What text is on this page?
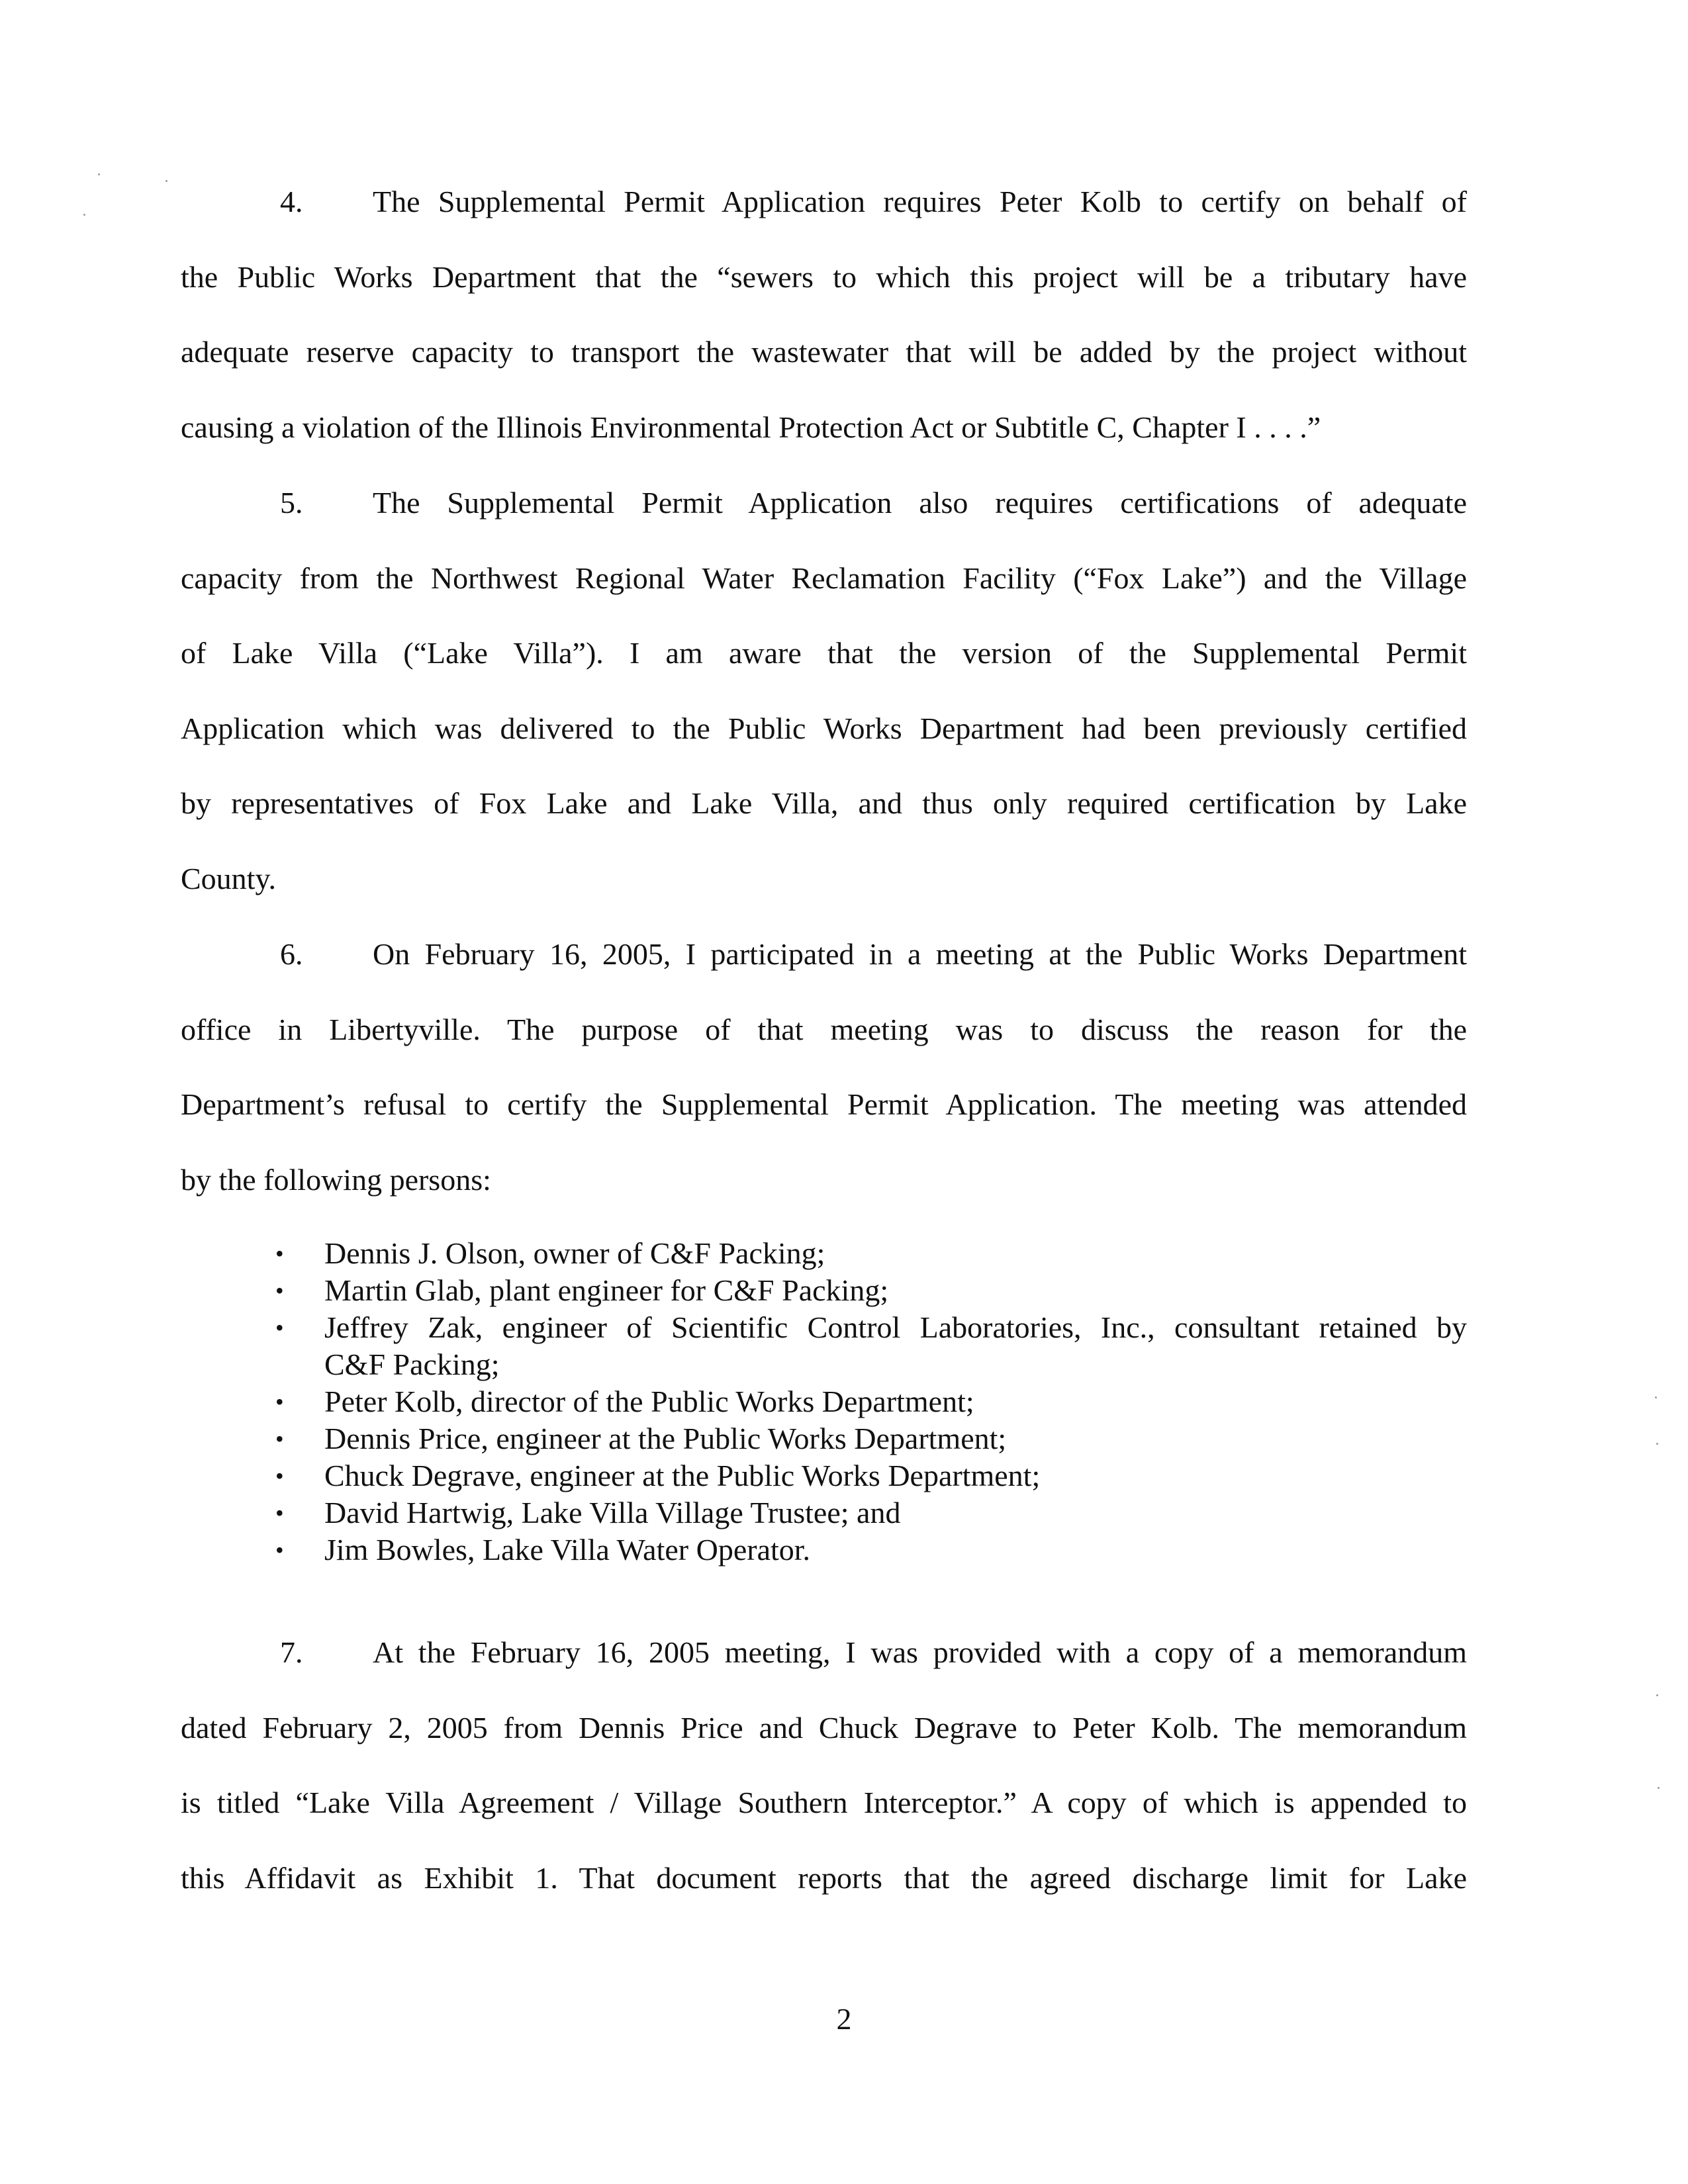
4. The Supplemental Permit Application requires Peter Kolb to certify on behalf of
the Public Works Department that the “sewers to which this project will be a tributary have
adequate reserve capacity to transport the wastewater that will be added by the project without
causing a violation of the Illinois Environmental Protection Act or Subtitle C, Chapter I . . . .”
5. The Supplemental Permit Application also requires certifications of adequate
capacity from the Northwest Regional Water Reclamation Facility (“Fox Lake”) and the Village
of Lake Villa (“Lake Villa”). I am aware that the version of the Supplemental Permit
Application which was delivered to the Public Works Department had been previously certified
by representatives of Fox Lake and Lake Villa, and thus only required certification by Lake
County.
6. On February 16, 2005, I participated in a meeting at the Public Works Department
office in Libertyville. The purpose of that meeting was to discuss the reason for the
Department’s refusal to certify the Supplemental Permit Application. The meeting was attended
by the following persons:
• Dennis J. Olson, owner of C&F Packing;
• Martin Glab, plant engineer for C&F Packing;
• Jeffrey Zak, engineer of Scientific Control Laboratories, Inc., consultant retained by
C&F Packing;
• Peter Kolb, director of the Public Works Department;
• Dennis Price, engineer at the Public Works Department;
• Chuck Degrave, engineer at the Public Works Department;
• David Hartwig, Lake Villa Village Trustee; and
• Jim Bowles, Lake Villa Water Operator.
7. At the February 16, 2005 meeting, I was provided with a copy of a memorandum
dated February 2, 2005 from Dennis Price and Chuck Degrave to Peter Kolb. The memorandum
is titled “Lake Villa Agreement / Village Southern Interceptor.” A copy of which is appended to
this Affidavit as Exhibit 1. That document reports that the agreed discharge limit for Lake

2
